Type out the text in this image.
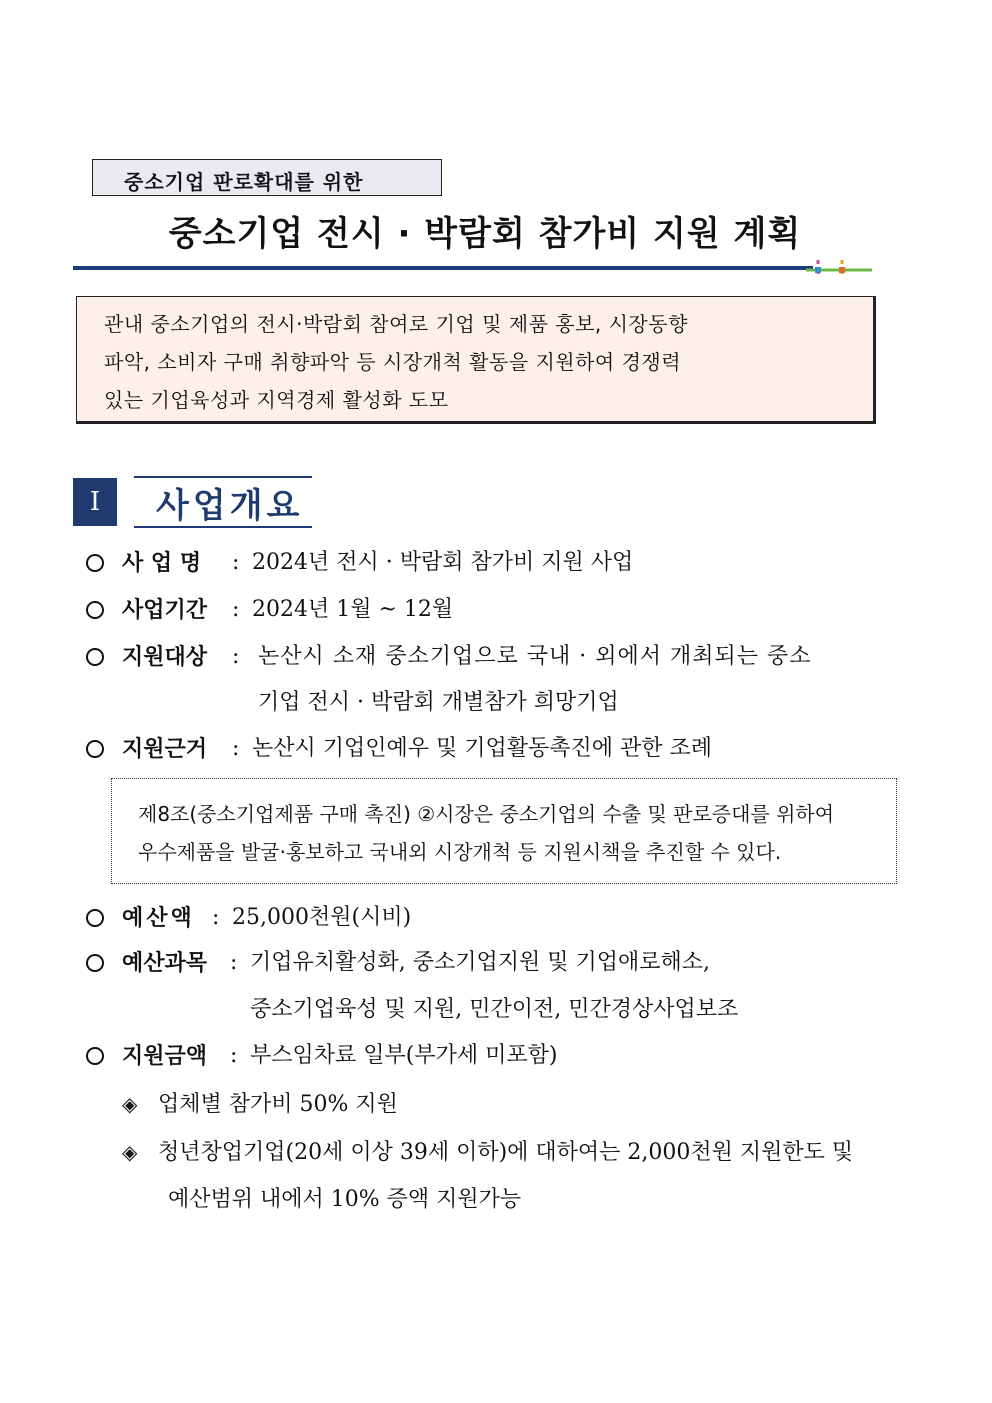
중소기업 판로확대를 위한
중소기업 전시 · 박람회 참가비 지원 계획
관내 중소기업의 전시·박람회 참여로 기업 및 제품 홍보, 시장동향
파악, 소비자 구매 취향파악 등 시장개척 활동을 지원하여 경쟁력
있는 기업육성과 지역경제 활성화 도모
I	사업개요
사 업 명 : 2024년 전시 · 박람회 참가비 지원 사업
사업기간 : 2024년 1월 ~ 12월
지원대상 : 논산시 소재 중소기업으로 국내 · 외에서 개최되는 중소
기업 전시 · 박람회 개별참가 희망기업
지원근거 : 논산시 기업인예우 및 기업활동촉진에 관한 조례
제8조(중소기업제품 구매 촉진) ②시장은 중소기업의 수출 및 판로증대를 위하여
우수제품을 발굴·홍보하고 국내외 시장개척 등 지원시책을 추진할 수 있다.
예산액 : 25,000천원(시비)
예산과목 : 기업유치활성화, 중소기업지원 및 기업애로해소,
중소기업육성 및 지원, 민간이전, 민간경상사업보조
지원금액 : 부스임차료 일부(부가세 미포함)
◈ 업체별 참가비 50% 지원
◈ 청년창업기업(20세 이상 39세 이하)에 대하여는 2,000천원 지원한도 및
예산범위 내에서 10% 증액 지원가능
